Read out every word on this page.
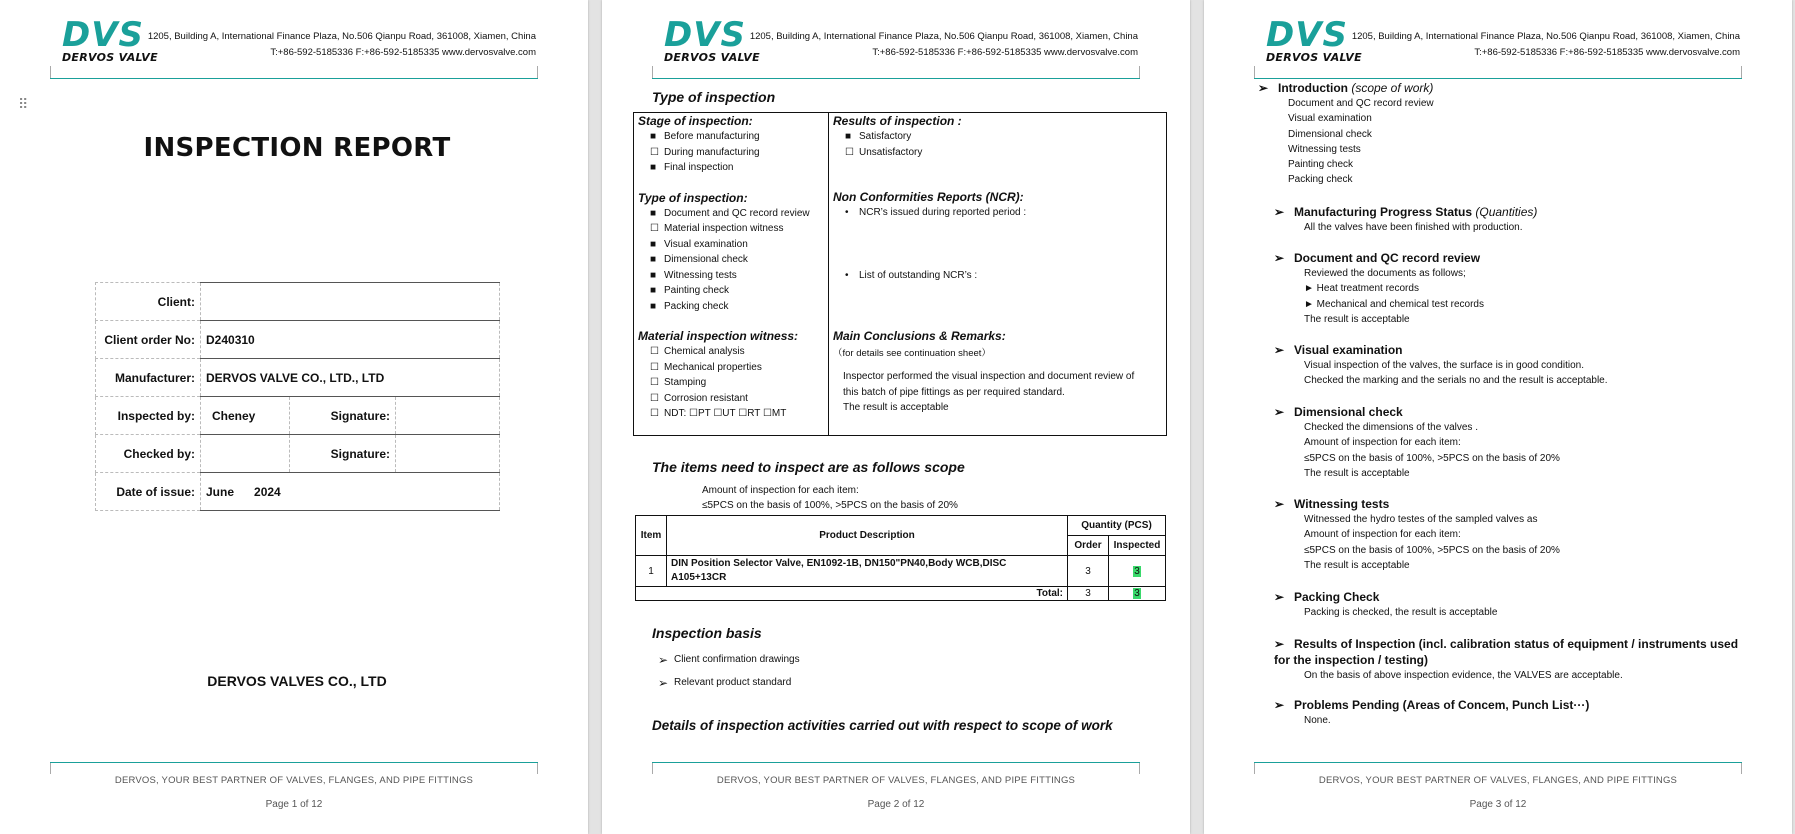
DVS
DERVOS VALVE
1205, Building A, International Finance Plaza, No.506 Qianpu Road, 361008, Xiamen, China
T:+86-592-5185336 F:+86-592-5185335 www.dervosvalve.com
⠿
INSPECTION REPORT
Client:			
Client order No:	D240310		
Manufacturer:	DERVOS VALVE CO., LTD., LTD		
Inspected by:	Cheney	Signature:	
Checked by:		Signature:	
Date of issue:	June 2024		
DERVOS VALVES CO., LTD
DERVOS, YOUR BEST PARTNER OF VALVES, FLANGES, AND PIPE FITTINGS
Page 1 of 12
DVS
DERVOS VALVE
1205, Building A, International Finance Plaza, No.506 Qianpu Road, 361008, Xiamen, China
T:+86-592-5185336 F:+86-592-5185335 www.dervosvalve.com
Type of inspection
Stage of inspection:
■ Before manufacturing
☐ During manufacturing
■ Final inspection
Type of inspection:
■ Document and QC record review
☐ Material inspection witness
■ Visual examination
■ Dimensional check
■ Witnessing tests
■ Painting check
■ Packing check
Material inspection witness:
☐ Chemical analysis
☐ Mechanical properties
☐ Stamping
☐ Corrosion resistant
☐ NDT: ☐PT ☐UT ☐RT ☐MT
Results of inspection :
■ Satisfactory
☐ Unsatisfactory
Non Conformities Reports (NCR):
• NCR’s issued during reported period :
• List of outstanding NCR’s :
Main Conclusions & Remarks:（for details see continuation sheet）
Inspector performed the visual inspection and document review of
this batch of pipe fittings as per required standard.
The result is acceptable
The items need to inspect are as follows scope
Amount of inspection for each item:
≤5PCS on the basis of 100%, >5PCS on the basis of 20%
Item	Product Description	Quantity (PCS)	
		Order	Inspected
1	DIN Position Selector Valve, EN1092-1B, DN150"PN40,Body WCB,DISC
A105+13CR	3	3
Total:		3	3
Inspection basis
➢ Client confirmation drawings
➢ Relevant product standard
Details of inspection activities carried out with respect to scope of work
DERVOS, YOUR BEST PARTNER OF VALVES, FLANGES, AND PIPE FITTINGS
Page 2 of 12
DVS
DERVOS VALVE
1205, Building A, International Finance Plaza, No.506 Qianpu Road, 361008, Xiamen, China
T:+86-592-5185336 F:+86-592-5185335 www.dervosvalve.com
➢ Introduction (scope of work)
Document and QC record review
Visual examination
Dimensional check
Witnessing tests
Painting check
Packing check
➢ Manufacturing Progress Status (Quantities)
All the valves have been finished with production.
➢ Document and QC record review
Reviewed the documents as follows;
► Heat treatment records
► Mechanical and chemical test records
The result is acceptable
➢ Visual examination
Visual inspection of the valves, the surface is in good condition.
Checked the marking and the serials no and the result is acceptable.
➢ Dimensional check
Checked the dimensions of the valves .
Amount of inspection for each item:
≤5PCS on the basis of 100%, >5PCS on the basis of 20%
The result is acceptable
➢ Witnessing tests
Witnessed the hydro testes of the sampled valves as
Amount of inspection for each item:
≤5PCS on the basis of 100%, >5PCS on the basis of 20%
The result is acceptable
➢ Packing Check
Packing is checked, the result is acceptable
➢ Results of Inspection (incl. calibration status of equipment / instruments used
for the inspection / testing)
On the basis of above inspection evidence, the VALVES are acceptable.
➢ Problems Pending (Areas of Concem, Punch List···)
None.
DERVOS, YOUR BEST PARTNER OF VALVES, FLANGES, AND PIPE FITTINGS
Page 3 of 12
